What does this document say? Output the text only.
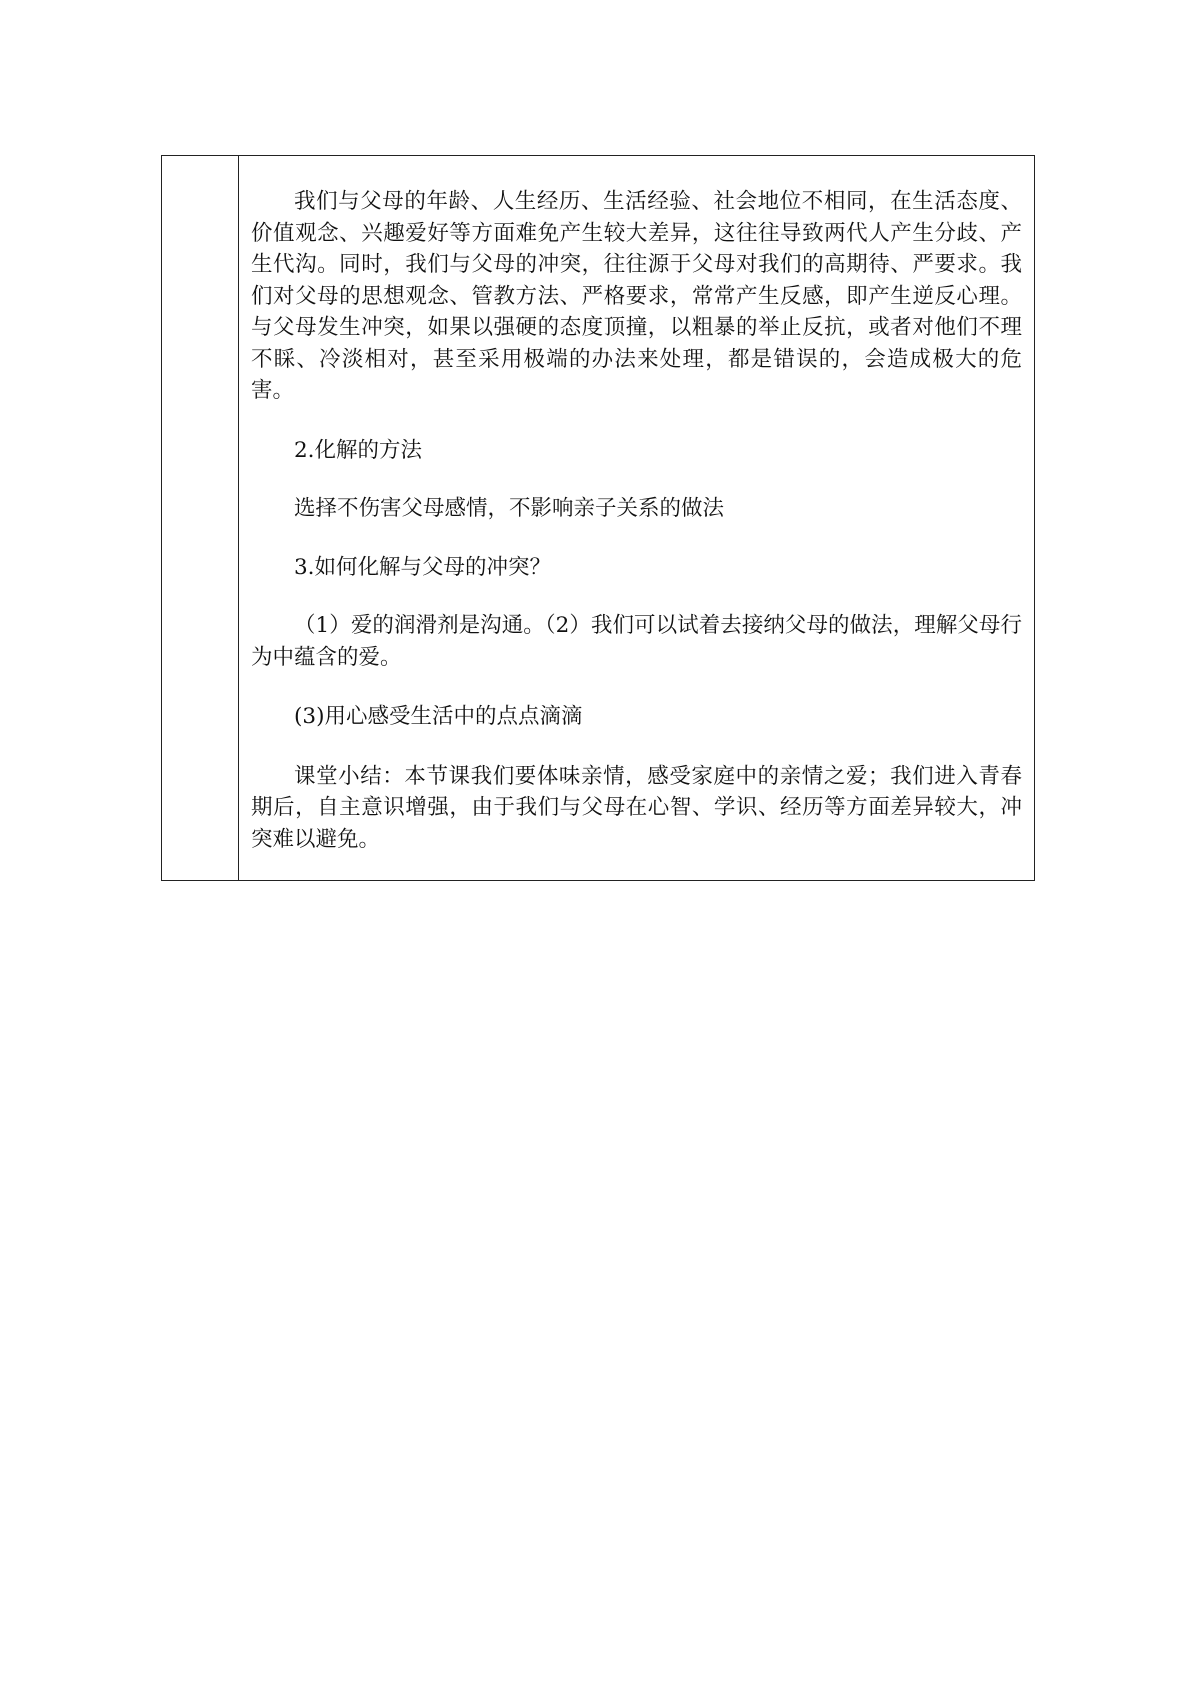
我们与父母的年龄、人生经历、生活经验、社会地位不相同，在生活态度、价值观念、兴趣爱好等方面难免产生较大差异，这往往导致两代人产生分歧、产生代沟。同时，我们与父母的冲突，往往源于父母对我们的高期待、严要求。我们对父母的思想观念、管教方法、严格要求，常常产生反感，即产生逆反心理。与父母发生冲突，如果以强硬的态度顶撞，以粗暴的举止反抗，或者对他们不理不睬、冷淡相对，甚至采用极端的办法来处理，都是错误的，会造成极大的危害。

2.化解的方法

选择不伤害父母感情，不影响亲子关系的做法

3.如何化解与父母的冲突？

（1）爱的润滑剂是沟通。（2）我们可以试着去接纳父母的做法，理解父母行为中蕴含的爱。

(3)用心感受生活中的点点滴滴

课堂小结：本节课我们要体味亲情，感受家庭中的亲情之爱；我们进入青春期后，自主意识增强，由于我们与父母在心智、学识、经历等方面差异较大，冲突难以避免。
